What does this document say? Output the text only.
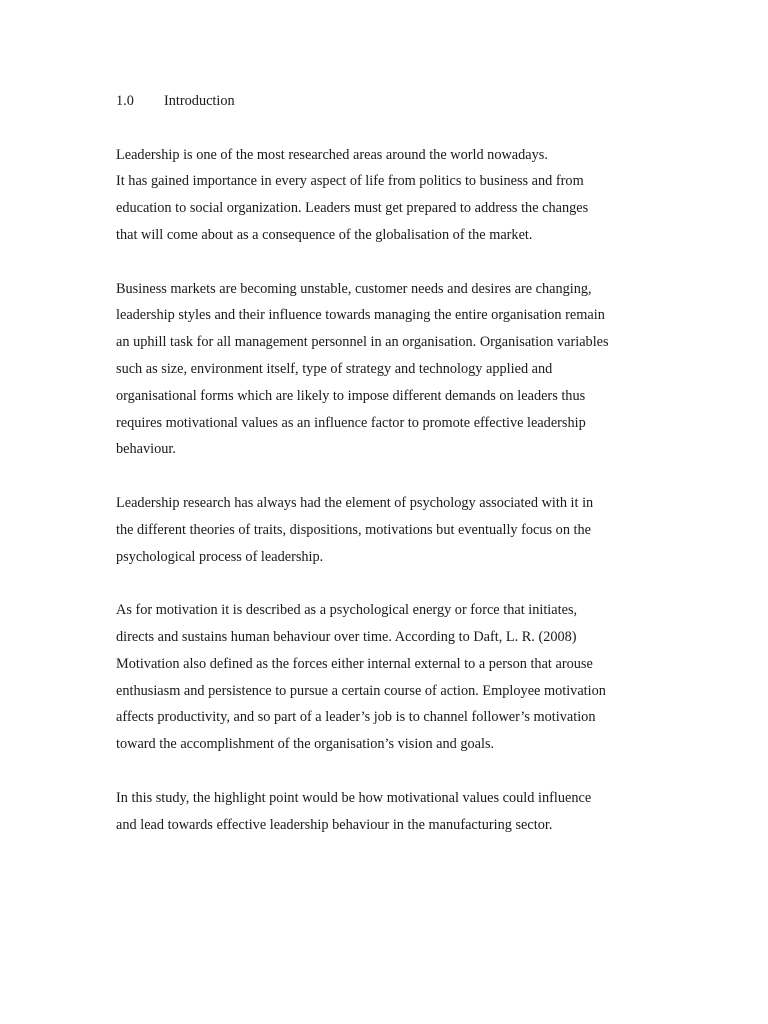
1.0	Introduction

Leadership is one of the most researched areas around the world nowadays.
It has gained importance in every aspect of life from politics to business and from
education to social organization. Leaders must get prepared to address the changes
that will come about as a consequence of the globalisation of the market.

Business markets are becoming unstable, customer needs and desires are changing,
leadership styles and their influence towards managing the entire organisation remain
an uphill task for all management personnel in an organisation. Organisation variables
such as size, environment itself, type of strategy and technology applied and
organisational forms which are likely to impose different demands on leaders thus
requires motivational values as an influence factor to promote effective leadership
behaviour.

Leadership research has always had the element of psychology associated with it in
the different theories of traits, dispositions, motivations but eventually focus on the
psychological process of leadership.

As for motivation it is described as a psychological energy or force that initiates,
directs and sustains human behaviour over time. According to Daft, L. R. (2008)
Motivation also defined as the forces either internal external to a person that arouse
enthusiasm and persistence to pursue a certain course of action. Employee motivation
affects productivity, and so part of a leader’s job is to channel follower’s motivation
toward the accomplishment of the organisation’s vision and goals.

In this study, the highlight point would be how motivational values could influence
and lead towards effective leadership behaviour in the manufacturing sector.
